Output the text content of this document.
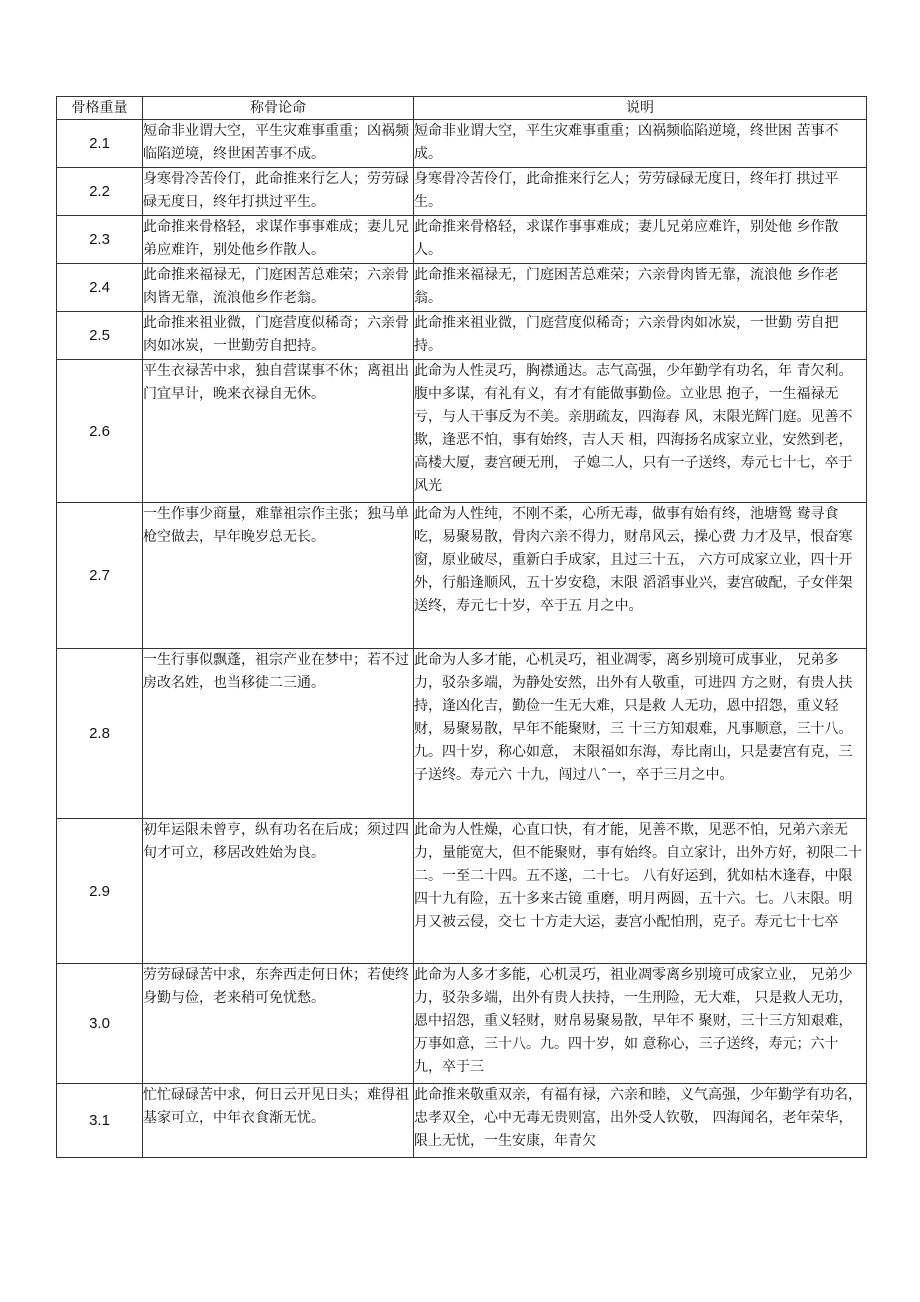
骨格重量	称骨论命	说明
2.1	短命非业谓大空，平生灾难事重重；凶祸频临陷逆境，终世困苦事不成。	短命非业谓大空，平生灾难事重重；凶祸频临陷逆境，终世困 苦事不成。

2.2	身寒骨冷苦伶仃，此命推来行乞人；劳劳碌碌无度日，终年打拱过平生。	身寒骨冷苦伶仃，此命推来行乞人；劳劳碌碌无度日，终年打 拱过平生。

2.3	此命推来骨格轻，求谋作事事难成；妻儿兄弟应难许，别处他乡作散人。	此命推来骨格轻，求谋作事事难成；妻儿兄弟应难许，别处他 乡作散人。

2.4	此命推来福禄无，门庭困苦总难荣；六亲骨肉皆无靠，流浪他乡作老翁。	此命推来福禄无，门庭困苦总难荣；六亲骨肉皆无靠，流浪他 乡作老翁。

2.5	此命推来祖业微，门庭营度似稀奇；六亲骨肉如冰炭，一世勤劳自把持。	此命推来祖业微，门庭营度似稀奇；六亲骨肉如冰炭，一世勤 劳自把持。

2.6	平生衣禄苦中求，独自营谋事不休；离祖出门宜早计，晚来衣禄自无休。	此命为人性灵巧，胸襟通达。志气高强，少年勤学有功名，年 青欠利。腹中多谋，有礼有义，有才有能做事勤俭。立业思 抱子，一生福禄无亏，与人干事反为不美。亲朋疏友，四海春 风，末限光辉门庭。见善不欺，逢恶不怕，事有始终，吉人天 相，四海扬名成家立业，安然到老，高楼大厦，妻宫硬无刑， 子媳二人，只有一子送终，寿元七十七，卒于风光

2.7	一生作事少商量，难靠祖宗作主张；独马单枪空做去，早年晚岁总无长。	此命为人性纯，不刚不柔，心所无毒，做事有始有终，池塘鸳 鸯寻食吃，易聚易散，骨肉六亲不得力，财帛风云，操心费 力才及早，恨奋寒窗，原业破尽，重新白手成家，且过三十五， 六方可成家立业，四十开外，行船逢顺风，五十岁安稳，末限 滔滔事业兴，妻宫破配，子女伴架送终，寿元七十岁，卒于五 月之中。

2.8	一生行事似飘蓬，祖宗产业在梦中；若不过房改名姓，也当移徒二三通。	此命为人多才能，心机灵巧，祖业凋零，离乡别境可成事业， 兄弟多力，驳杂多端，为静处安然，出外有人敬重，可进四 方之财，有贵人扶持，逢凶化吉，勤俭一生无大难，只是救 人无功，恩中招怨，重义轻财，易聚易散，早年不能聚财，三 十三方知艰难，凡事顺意，三十八。九。四十岁，称心如意， 末限福如东海，寿比南山，只是妻宫有克，三子送终。寿元六 十九，闯过八ˆ一，卒于三月之中。

2.9	初年运限未曾亨，纵有功名在后成；须过四旬才可立，移居改姓始为良。	此命为人性燥，心直口快，有才能，见善不欺，见恶不怕，兄弟六亲无力，量能宽大，但不能聚财，事有始终。自立家计，出外方好，初限二十二。一至二十四。五不遂，二十七。 八有好运到，犹如枯木逢春，中限四十九有险，五十多来古镜 重磨，明月两圆，五十六。七。八末限。明月又被云侵，交七 十方走大运，妻宫小配怕刑，克子。寿元七十七卒

3.0	劳劳碌碌苦中求，东奔西走何日休；若使终身勤与俭，老来稍可免忧愁。	此命为人多才多能，心机灵巧，祖业凋零离乡别境可成家立业， 兄弟少力，驳杂多端，出外有贵人扶持，一生刑险，无大难， 只是救人无功，恩中招怨，重义轻财，财帛易聚易散，早年不 聚财，三十三方知艰难，万事如意，三十八。九。四十岁，如 意称心，三子送终，寿元；六十九，卒于三

3.1	忙忙碌碌苦中求，何日云开见日头；难得祖基家可立，中年衣食渐无忧。	此命推来敬重双亲，有福有禄，六亲和睦，义气高强，少年勤学有功名，忠孝双全，心中无毒无贵则富，出外受人钦敬， 四海闻名，老年荣华，限上无忧，一生安康，年青欠
